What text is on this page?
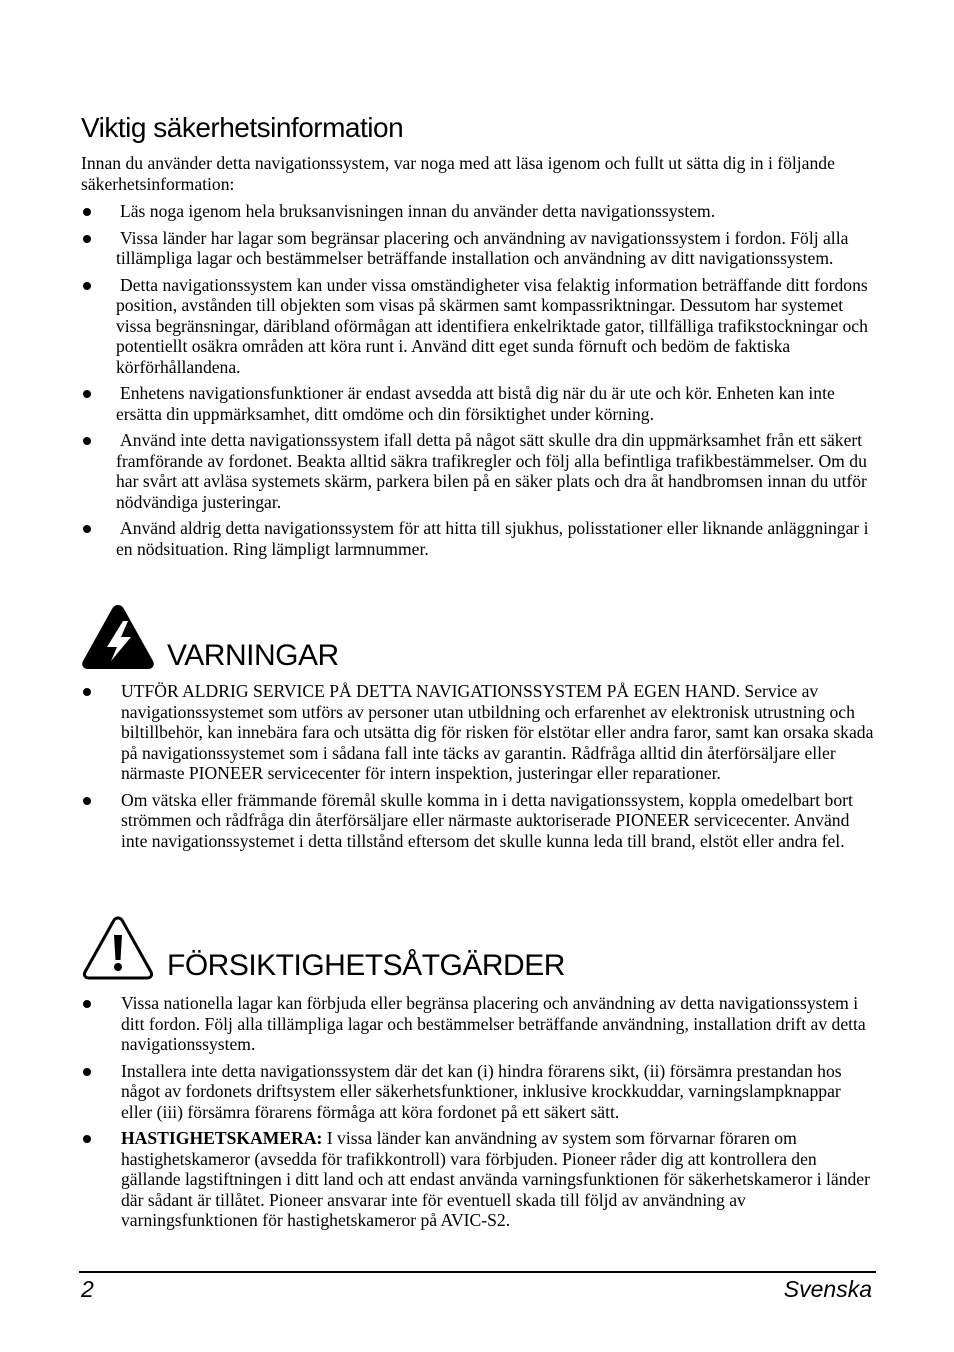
Viktig säkerhetsinformation

Innan du använder detta navigationssystem, var noga med att läsa igenom och fullt ut sätta dig in i följande säkerhetsinformation:

Läs noga igenom hela bruksanvisningen innan du använder detta navigationssystem.
Vissa länder har lagar som begränsar placering och användning av navigationssystem i fordon. Följ alla tillämpliga lagar och bestämmelser beträffande installation och användning av ditt navigationssystem.
Detta navigationssystem kan under vissa omständigheter visa felaktig information beträffande ditt fordons position, avstånden till objekten som visas på skärmen samt kompassriktningar. Dessutom har systemet vissa begränsningar, däribland oförmågan att identifiera enkelriktade gator, tillfälliga trafikstockningar och potentiellt osäkra områden att köra runt i. Använd ditt eget sunda förnuft och bedöm de faktiska körförhållandena.
Enhetens navigationsfunktioner är endast avsedda att bistå dig när du är ute och kör. Enheten kan inte ersätta din uppmärksamhet, ditt omdöme och din försiktighet under körning.
Använd inte detta navigationssystem ifall detta på något sätt skulle dra din uppmärksamhet från ett säkert framförande av fordonet. Beakta alltid säkra trafikregler och följ alla befintliga trafikbestämmelser. Om du har svårt att avläsa systemets skärm, parkera bilen på en säker plats och dra åt handbromsen innan du utför nödvändiga justeringar.
Använd aldrig detta navigationssystem för att hitta till sjukhus, polisstationer eller liknande anläggningar i en nödsituation. Ring lämpligt larmnummer.
VARNINGAR
UTFÖR ALDRIG SERVICE PÅ DETTA NAVIGATIONSSYSTEM PÅ EGEN HAND. Service av navigationssystemet som utförs av personer utan utbildning och erfarenhet av elektronisk utrustning och biltillbehör, kan innebära fara och utsätta dig för risken för elstötar eller andra faror, samt kan orsaka skada på navigationssystemet som i sådana fall inte täcks av garantin. Rådfråga alltid din återförsäljare eller närmaste PIONEER servicecenter för intern inspektion, justeringar eller reparationer.
Om vätska eller främmande föremål skulle komma in i detta navigationssystem, koppla omedelbart bort strömmen och rådfråga din återförsäljare eller närmaste auktoriserade PIONEER servicecenter. Använd inte navigationssystemet i detta tillstånd eftersom det skulle kunna leda till brand, elstöt eller andra fel.
FÖRSIKTIGHETSÅTGÄRDER
Vissa nationella lagar kan förbjuda eller begränsa placering och användning av detta navigationssystem i ditt fordon. Följ alla tillämpliga lagar och bestämmelser beträffande användning, installation drift av detta navigationssystem.
Installera inte detta navigationssystem där det kan (i) hindra förarens sikt, (ii) försämra prestandan hos något av fordonets driftsystem eller säkerhetsfunktioner, inklusive krockkuddar, varningslampknappar eller (iii) försämra förarens förmåga att köra fordonet på ett säkert sätt.
HASTIGHETSKAMERA: I vissa länder kan användning av system som förvarnar föraren om hastighetskameror (avsedda för trafikkontroll) vara förbjuden. Pioneer råder dig att kontrollera den gällande lagstiftningen i ditt land och att endast använda varningsfunktionen för säkerhetskameror i länder där sådant är tillåtet. Pioneer ansvarar inte för eventuell skada till följd av användning av varningsfunktionen för hastighetskameror på AVIC-S2.
2	Svenska
